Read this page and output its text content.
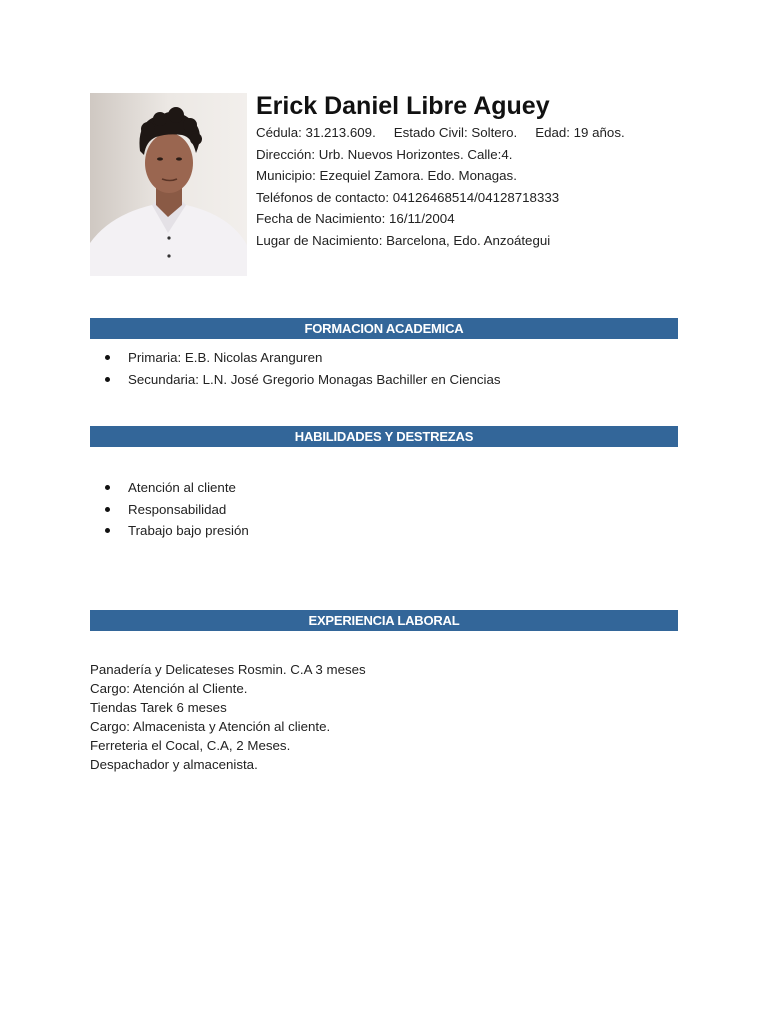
Erick Daniel Libre Aguey
Cédula: 31.213.609. Estado Civil: Soltero. Edad: 19 años.
Dirección: Urb. Nuevos Horizontes. Calle:4.
Municipio: Ezequiel Zamora. Edo. Monagas.
Teléfonos de contacto: 04126468514/04128718333
Fecha de Nacimiento: 16/11/2004
Lugar de Nacimiento: Barcelona, Edo. Anzoátegui
FORMACION ACADEMICA
Primaria: E.B. Nicolas Aranguren
Secundaria: L.N. José Gregorio Monagas Bachiller en Ciencias
HABILIDADES Y DESTREZAS
Atención al cliente
Responsabilidad
Trabajo bajo presión
EXPERIENCIA LABORAL
Panadería y Delicateses Rosmin. C.A 3 meses
Cargo: Atención al Cliente.
Tiendas Tarek 6 meses
Cargo: Almacenista y Atención al cliente.
Ferreteria el Cocal, C.A, 2 Meses.
Despachador y almacenista.
